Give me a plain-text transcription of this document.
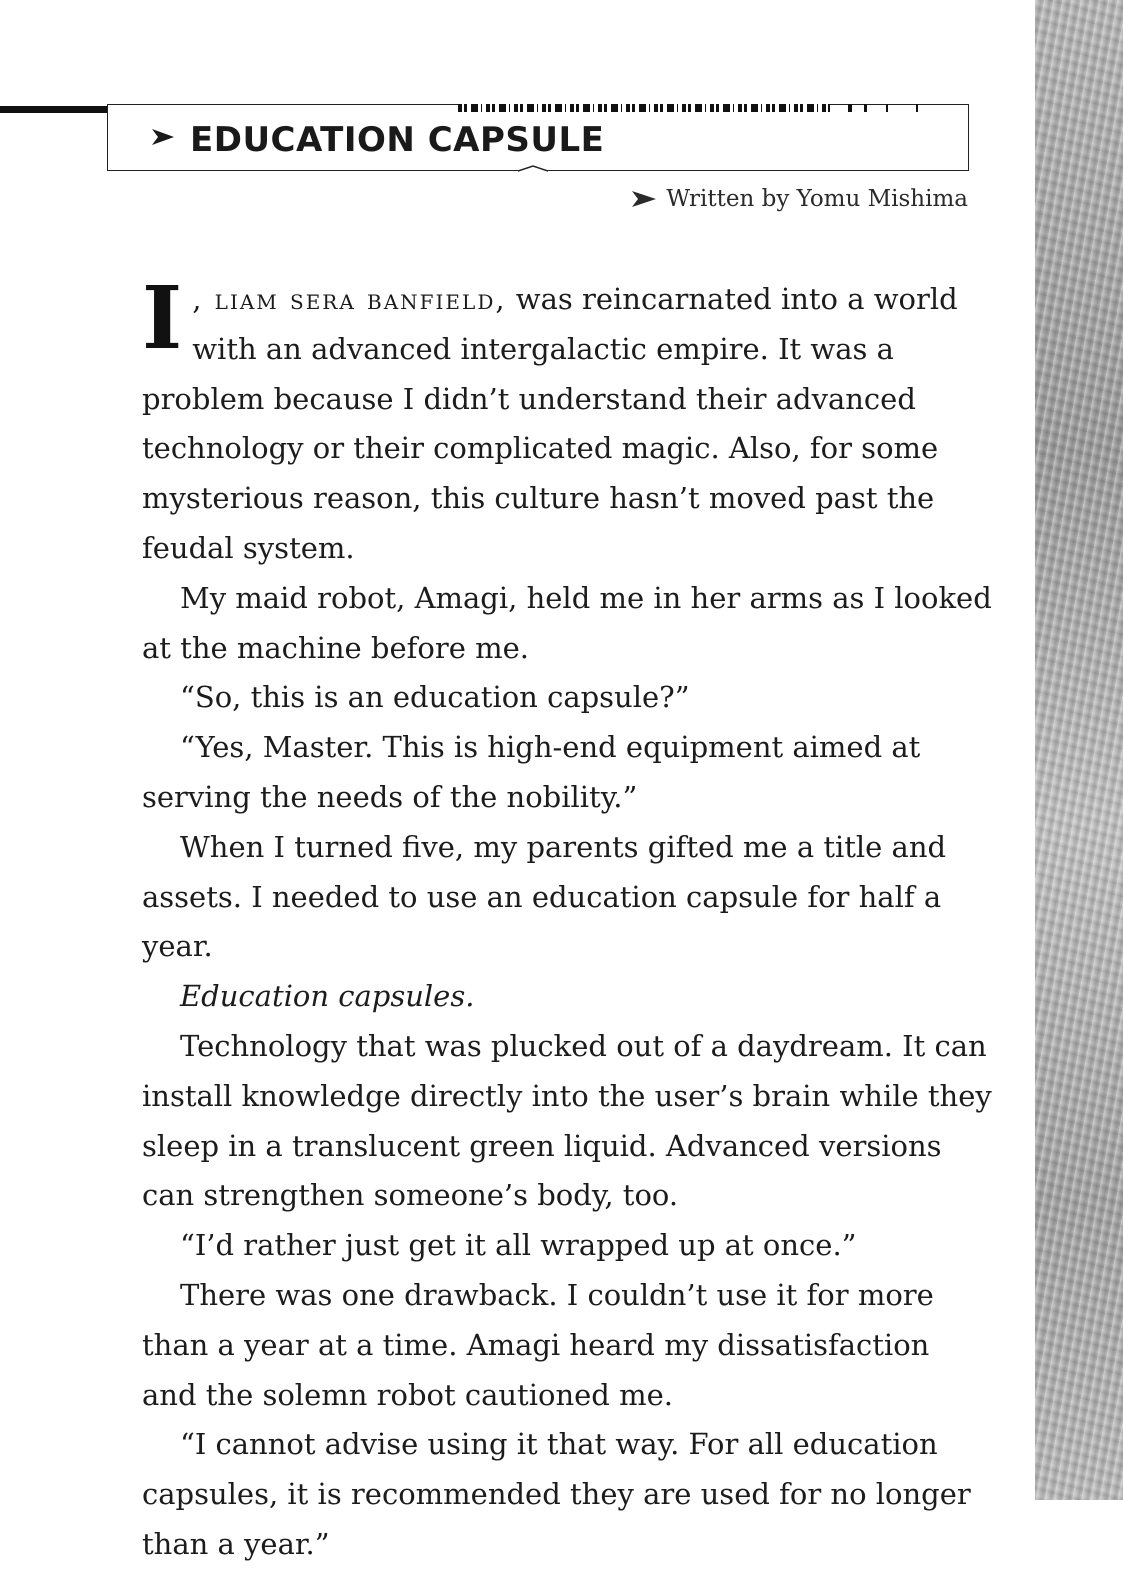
EDUCATION CAPSULE
Written by Yomu Mishima

I , liam sera banfield, was reincarnated into a world with an advanced intergalactic empire. It was a problem because I didn’t understand their advanced technology or their complicated magic. Also, for some mysterious reason, this culture hasn’t moved past the feudal system.

My maid robot, Amagi, held me in her arms as I looked at the machine before me.

“So, this is an education capsule?”

“Yes, Master. This is high-end equipment aimed at serving the needs of the nobility.”

When I turned five, my parents gifted me a title and assets. I needed to use an education capsule for half a year.

Education capsules.

Technology that was plucked out of a daydream. It can install knowledge directly into the user’s brain while they sleep in a translucent green liquid. Advanced versions can strengthen someone’s body, too.

“I’d rather just get it all wrapped up at once.”

There was one drawback. I couldn’t use it for more than a year at a time. Amagi heard my dissatisfaction and the solemn robot cautioned me.

“I cannot advise using it that way. For all education capsules, it is recommended they are used for no longer than a year.”
